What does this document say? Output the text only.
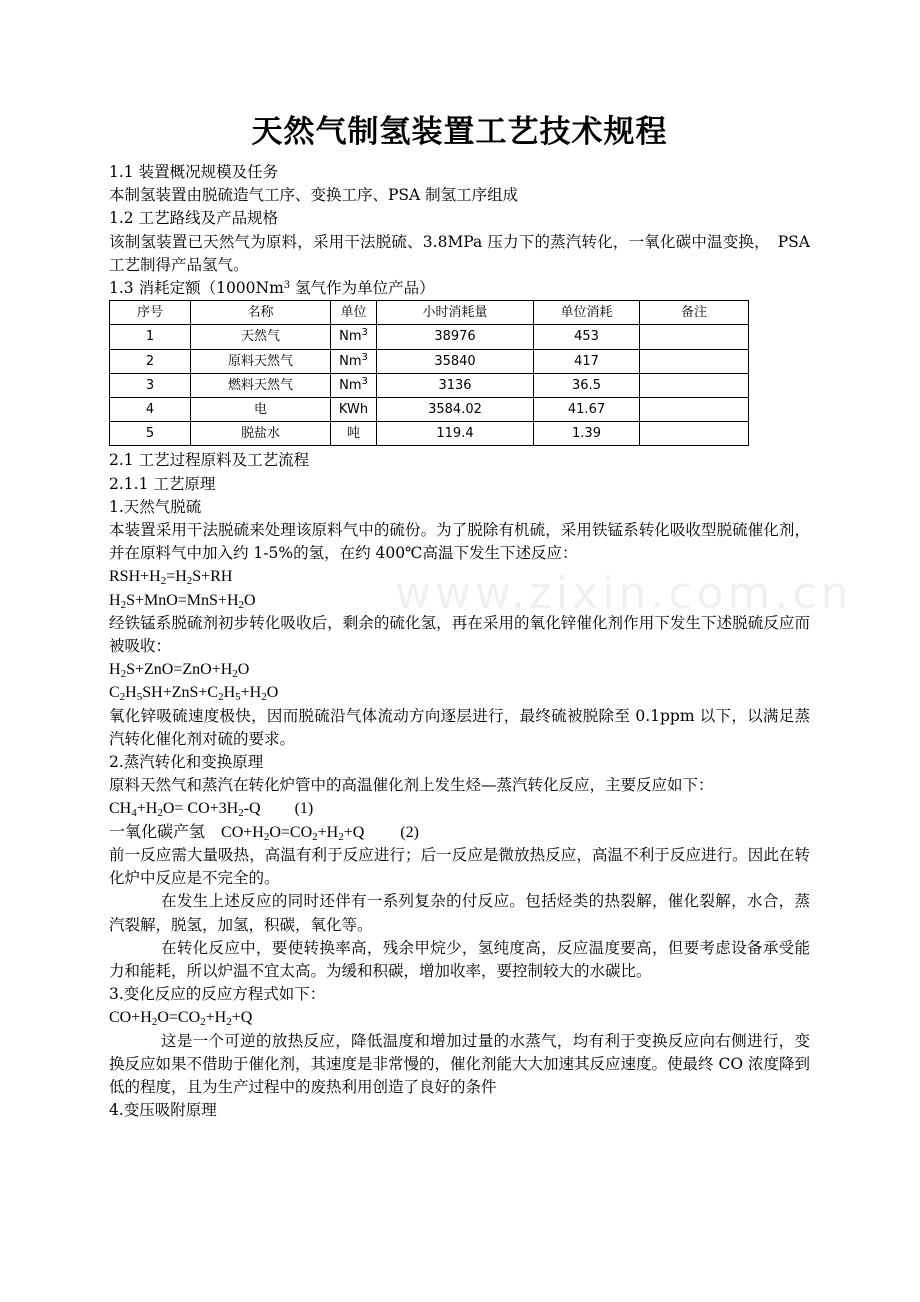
www.zixin.com.cn
天然气制氢装置工艺技术规程

1.1 装置概况规模及任务

本制氢装置由脱硫造气工序、变换工序、PSA 制氢工序组成

1.2 工艺路线及产品规格

该制氢装置已天然气为原料，采用干法脱硫、3.8MPa 压力下的蒸汽转化，一氧化碳中温变换，　PSA 工艺制得产品氢气。

1.3 消耗定额（1000Nm$^3$ 氢气作为单位产品）

序号	名称	单位	小时消耗量	单位消耗	备注
1	天然气	Nm$^3$	38976	453	
2	原料天然气	Nm$^3$	35840	417	
3	燃料天然气	Nm$^3$	3136	36.5	
4	电	KWh	3584.02	41.67	
5	脱盐水	吨	119.4	1.39	

2.1 工艺过程原料及工艺流程

2.1.1 工艺原理

1.天然气脱硫

本装置采用干法脱硫来处理该原料气中的硫份。为了脱除有机硫，采用铁锰系转化吸收型脱硫催化剂，并在原料气中加入约 1-5%的氢，在约 400℃高温下发生下述反应：

$RSH+H_2=H_2S+RH$

$H_2S+MnO=MnS+H_2O$

经铁锰系脱硫剂初步转化吸收后，剩余的硫化氢，再在采用的氧化锌催化剂作用下发生下述脱硫反应而被吸收：

$H_2S+ZnO=ZnO+H_2O$

$C_2H_5SH+ZnS+C_2H_5+H_2O$

氧化锌吸硫速度极快，因而脱硫沿气体流动方向逐层进行，最终硫被脱除至 0.1ppm 以下，以满足蒸汽转化催化剂对硫的要求。

2.蒸汽转化和变换原理

原料天然气和蒸汽在转化炉管中的高温催化剂上发生烃—蒸汽转化反应，主要反应如下：

$CH_4+H_2O= CO+3H_2-Q$ (1)

一氧化碳产氢 $CO+H_2O=CO_2+H_2+Q$ (2)

前一反应需大量吸热，高温有利于反应进行；后一反应是微放热反应，高温不利于反应进行。因此在转化炉中反应是不完全的。

在发生上述反应的同时还伴有一系列复杂的付反应。包括烃类的热裂解，催化裂解，水合，蒸汽裂解，脱氢，加氢，积碳，氧化等。

在转化反应中，要使转换率高，残余甲烷少，氢纯度高，反应温度要高，但要考虑设备承受能力和能耗，所以炉温不宜太高。为缓和积碳，增加收率，要控制较大的水碳比。

3.变化反应的反应方程式如下：

$CO+H_2O=CO_2+H_2+Q$

这是一个可逆的放热反应，降低温度和增加过量的水蒸气，均有利于变换反应向右侧进行，变换反应如果不借助于催化剂，其速度是非常慢的，催化剂能大大加速其反应速度。使最终 CO 浓度降到低的程度，且为生产过程中的废热利用创造了良好的条件

4.变压吸附原理
